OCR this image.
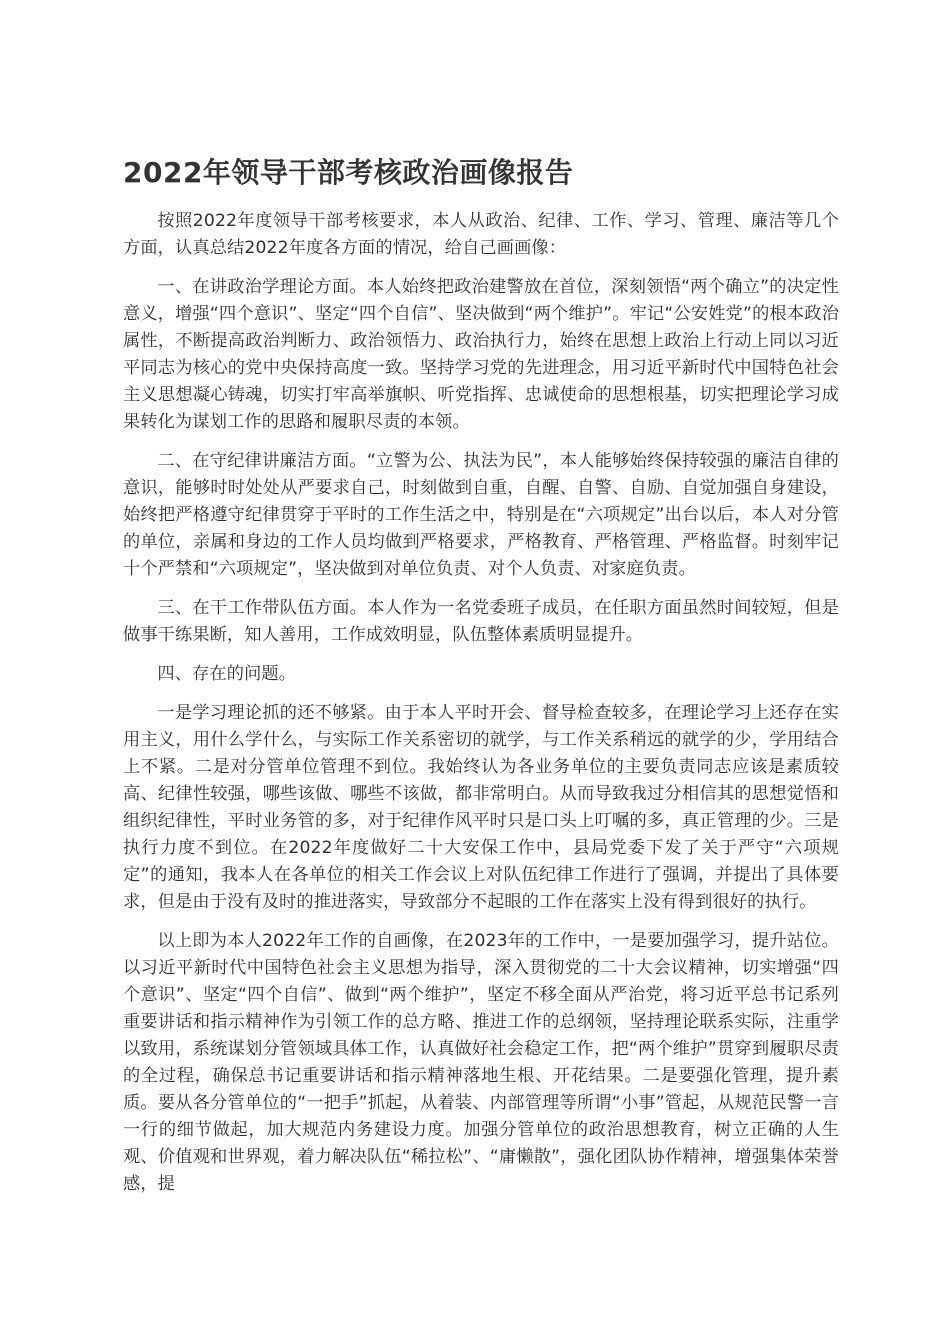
2022年领导干部考核政治画像报告

按照2022年度领导干部考核要求，本人从政治、纪律、工作、学习、管理、廉洁等几个方面，认真总结2022年度各方面的情况，给自己画画像：

一、在讲政治学理论方面。本人始终把政治建警放在首位，深刻领悟“两个确立”的决定性意义，增强“四个意识”、坚定“四个自信”、坚决做到“两个维护”。牢记“公安姓党”的根本政治属性，不断提高政治判断力、政治领悟力、政治执行力，始终在思想上政治上行动上同以习近平同志为核心的党中央保持高度一致。坚持学习党的先进理念，用习近平新时代中国特色社会主义思想凝心铸魂，切实打牢高举旗帜、听党指挥、忠诚使命的思想根基，切实把理论学习成果转化为谋划工作的思路和履职尽责的本领。

二、在守纪律讲廉洁方面。“立警为公、执法为民”，本人能够始终保持较强的廉洁自律的意识，能够时时处处从严要求自己，时刻做到自重，自醒、自警、自励、自觉加强自身建设，始终把严格遵守纪律贯穿于平时的工作生活之中，特别是在“六项规定”出台以后，本人对分管的单位，亲属和身边的工作人员均做到严格要求，严格教育、严格管理、严格监督。时刻牢记十个严禁和“六项规定”，坚决做到对单位负责、对个人负责、对家庭负责。

三、在干工作带队伍方面。本人作为一名党委班子成员，在任职方面虽然时间较短，但是做事干练果断，知人善用，工作成效明显，队伍整体素质明显提升。

四、存在的问题。

一是学习理论抓的还不够紧。由于本人平时开会、督导检查较多，在理论学习上还存在实用主义，用什么学什么，与实际工作关系密切的就学，与工作关系稍远的就学的少，学用结合上不紧。二是对分管单位管理不到位。我始终认为各业务单位的主要负责同志应该是素质较高、纪律性较强，哪些该做、哪些不该做，都非常明白。从而导致我过分相信其的思想觉悟和组织纪律性，平时业务管的多，对于纪律作风平时只是口头上叮嘱的多，真正管理的少。三是执行力度不到位。在2022年度做好二十大安保工作中，县局党委下发了关于严守“六项规定”的通知，我本人在各单位的相关工作会议上对队伍纪律工作进行了强调，并提出了具体要求，但是由于没有及时的推进落实，导致部分不起眼的工作在落实上没有得到很好的执行。

以上即为本人2022年工作的自画像，在2023年的工作中，一是要加强学习，提升站位。以习近平新时代中国特色社会主义思想为指导，深入贯彻党的二十大会议精神，切实增强“四个意识”、坚定“四个自信”、做到“两个维护”，坚定不移全面从严治党，将习近平总书记系列重要讲话和指示精神作为引领工作的总方略、推进工作的总纲领，坚持理论联系实际，注重学以致用，系统谋划分管领域具体工作，认真做好社会稳定工作，把“两个维护”贯穿到履职尽责的全过程，确保总书记重要讲话和指示精神落地生根、开花结果。二是要强化管理，提升素质。要从各分管单位的“一把手”抓起，从着装、内部管理等所谓“小事”管起，从规范民警一言一行的细节做起，加大规范内务建设力度。加强分管单位的政治思想教育，树立正确的人生观、价值观和世界观，着力解决队伍“稀拉松”、“庸懒散”，强化团队协作精神，增强集体荣誉感，提
